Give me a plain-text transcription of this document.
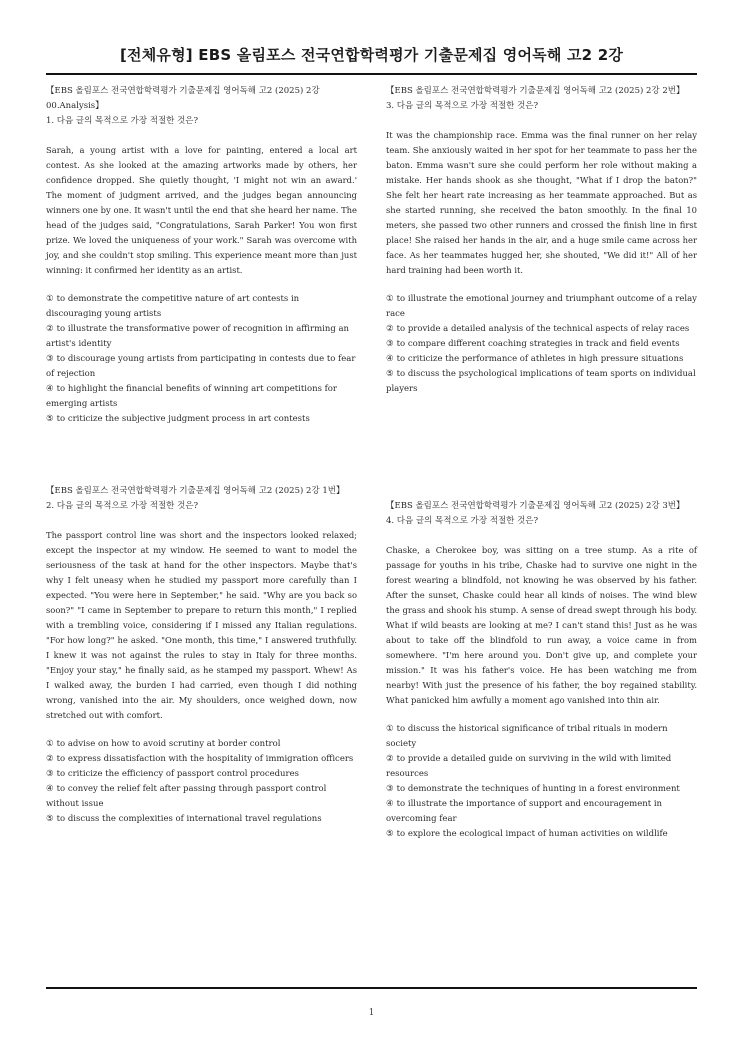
[전체유형] EBS 올림포스 전국연합학력평가 기출문제집 영어독해 고2 2강
【EBS 올림포스 전국연합학력평가 기출문제집 영어독해 고2 (2025) 2강 00.Analysis】
1. 다음 글의 목적으로 가장 적절한 것은?
Sarah, a young artist with a love for painting, entered a local art contest. As she looked at the amazing artworks made by others, her confidence dropped. She quietly thought, 'I might not win an award.' The moment of judgment arrived, and the judges began announcing winners one by one. It wasn't until the end that she heard her name. The head of the judges said, "Congratulations, Sarah Parker! You won first prize. We loved the uniqueness of your work." Sarah was overcome with joy, and she couldn't stop smiling. This experience meant more than just winning: it confirmed her identity as an artist.
① to demonstrate the competitive nature of art contests in discouraging young artists
② to illustrate the transformative power of recognition in affirming an artist's identity
③ to discourage young artists from participating in contests due to fear of rejection
④ to highlight the financial benefits of winning art competitions for emerging artists
⑤ to criticize the subjective judgment process in art contests
【EBS 올림포스 전국연합학력평가 기출문제집 영어독해 고2 (2025) 2강 2번】
3. 다음 글의 목적으로 가장 적절한 것은?
It was the championship race. Emma was the final runner on her relay team. She anxiously waited in her spot for her teammate to pass her the baton. Emma wasn't sure she could perform her role without making a mistake. Her hands shook as she thought, "What if I drop the baton?" She felt her heart rate increasing as her teammate approached. But as she started running, she received the baton smoothly. In the final 10 meters, she passed two other runners and crossed the finish line in first place! She raised her hands in the air, and a huge smile came across her face. As her teammates hugged her, she shouted, "We did it!" All of her hard training had been worth it.
① to illustrate the emotional journey and triumphant outcome of a relay race
② to provide a detailed analysis of the technical aspects of relay races
③ to compare different coaching strategies in track and field events
④ to criticize the performance of athletes in high pressure situations
⑤ to discuss the psychological implications of team sports on individual players
【EBS 올림포스 전국연합학력평가 기출문제집 영어독해 고2 (2025) 2강 1번】
2. 다음 글의 목적으로 가장 적절한 것은?
The passport control line was short and the inspectors looked relaxed; except the inspector at my window. He seemed to want to model the seriousness of the task at hand for the other inspectors. Maybe that's why I felt uneasy when he studied my passport more carefully than I expected. "You were here in September," he said. "Why are you back so soon?" "I came in September to prepare to return this month," I replied with a trembling voice, considering if I missed any Italian regulations. "For how long?" he asked. "One month, this time," I answered truthfully. I knew it was not against the rules to stay in Italy for three months. "Enjoy your stay," he finally said, as he stamped my passport. Whew! As I walked away, the burden I had carried, even though I did nothing wrong, vanished into the air. My shoulders, once weighed down, now stretched out with comfort.
① to advise on how to avoid scrutiny at border control
② to express dissatisfaction with the hospitality of immigration officers
③ to criticize the efficiency of passport control procedures
④ to convey the relief felt after passing through passport control without issue
⑤ to discuss the complexities of international travel regulations
【EBS 올림포스 전국연합학력평가 기출문제집 영어독해 고2 (2025) 2강 3번】
4. 다음 글의 목적으로 가장 적절한 것은?
Chaske, a Cherokee boy, was sitting on a tree stump. As a rite of passage for youths in his tribe, Chaske had to survive one night in the forest wearing a blindfold, not knowing he was observed by his father. After the sunset, Chaske could hear all kinds of noises. The wind blew the grass and shook his stump. A sense of dread swept through his body. What if wild beasts are looking at me? I can't stand this! Just as he was about to take off the blindfold to run away, a voice came in from somewhere. "I'm here around you. Don't give up, and complete your mission." It was his father's voice. He has been watching me from nearby! With just the presence of his father, the boy regained stability. What panicked him awfully a moment ago vanished into thin air.
① to discuss the historical significance of tribal rituals in modern society
② to provide a detailed guide on surviving in the wild with limited resources
③ to demonstrate the techniques of hunting in a forest environment
④ to illustrate the importance of support and encouragement in overcoming fear
⑤ to explore the ecological impact of human activities on wildlife
1
